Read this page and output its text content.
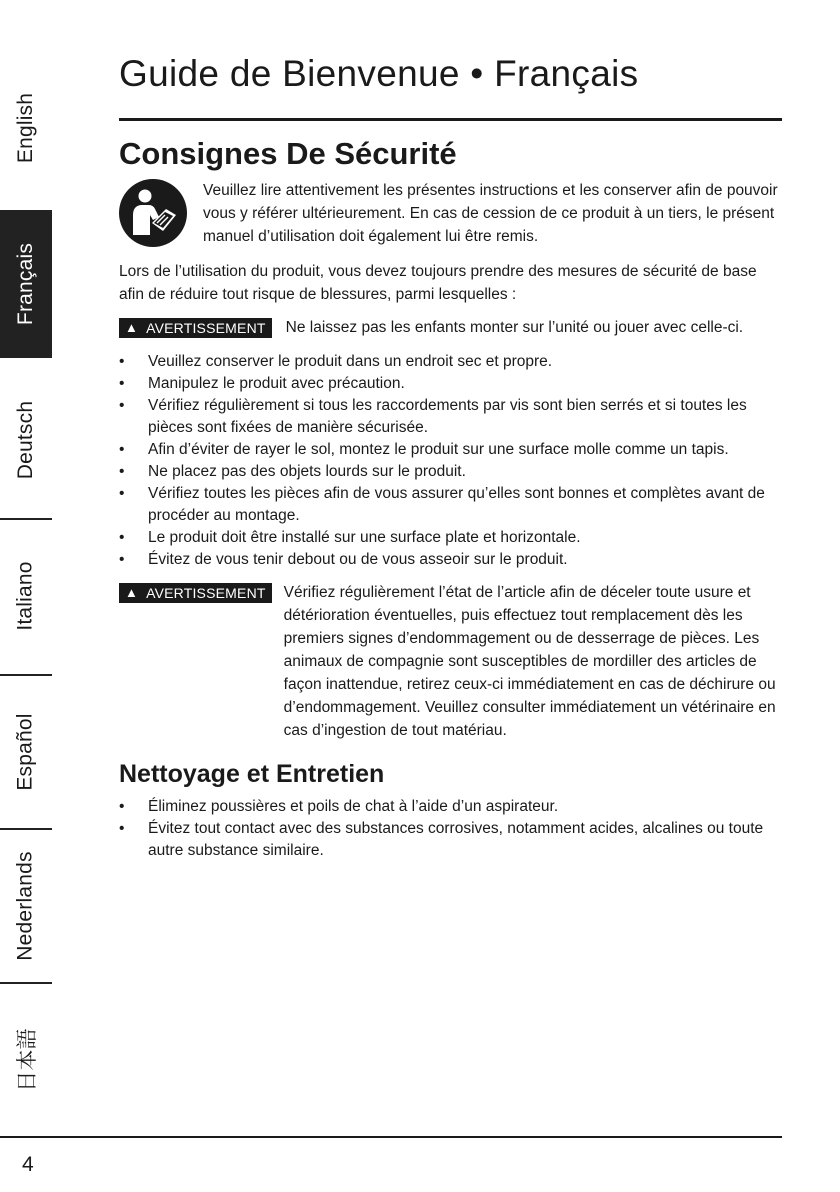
English
Français
Deutsch
Italiano
Español
Nederlands
日本語
Guide de Bienvenue • Français
Consignes De Sécurité

Veuillez lire attentivement les présentes instructions et les conserver afin de pouvoir vous y référer ultérieurement. En cas de cession de ce produit à un tiers, le présent manuel d’utilisation doit également lui être remis.

Lors de l’utilisation du produit, vous devez toujours prendre des mesures de sécurité de base afin de réduire tout risque de blessures, parmi lesquelles :

▲ AVERTISSEMENT Ne laissez pas les enfants monter sur l’unité ou jouer avec celle-ci.

• Veuillez conserver le produit dans un endroit sec et propre.
• Manipulez le produit avec précaution.
• Vérifiez régulièrement si tous les raccordements par vis sont bien serrés et si toutes les pièces sont fixées de manière sécurisée.
• Afin d’éviter de rayer le sol, montez le produit sur une surface molle comme un tapis.
• Ne placez pas des objets lourds sur le produit.
• Vérifiez toutes les pièces afin de vous assurer qu’elles sont bonnes et complètes avant de procéder au montage.
• Le produit doit être installé sur une surface plate et horizontale.
• Évitez de vous tenir debout ou de vous asseoir sur le produit.
▲ AVERTISSEMENT Vérifiez régulièrement l’état de l’article afin de déceler toute usure et détérioration éventuelles, puis effectuez tout remplacement dès les premiers signes d’endommagement ou de desserrage de pièces. Les animaux de compagnie sont susceptibles de mordiller des articles de façon inattendue, retirez ceux-ci immédiatement en cas de déchirure ou d’endommagement. Veuillez consulter immédiatement un vétérinaire en cas d’ingestion de tout matériau.

Nettoyage et Entretien
• Éliminez poussières et poils de chat à l’aide d’un aspirateur.
• Évitez tout contact avec des substances corrosives, notamment acides, alcalines ou toute autre substance similaire.
4
